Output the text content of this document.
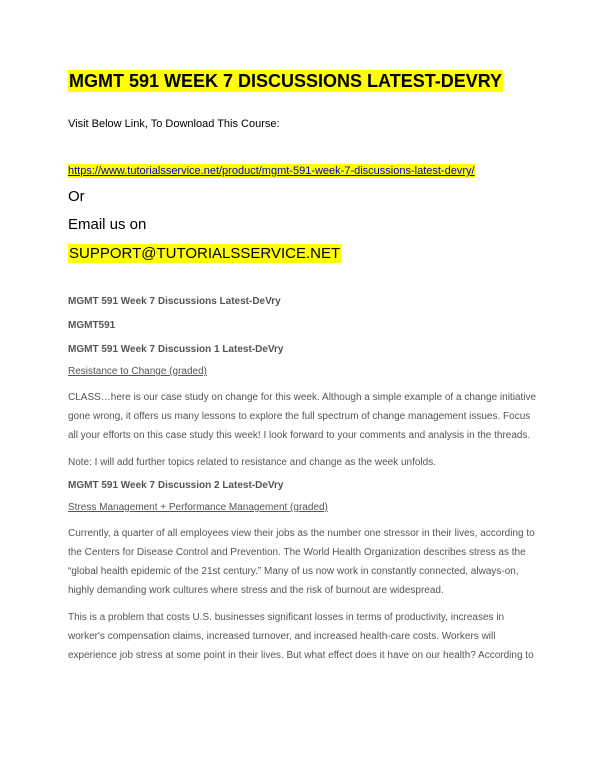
MGMT 591 WEEK 7 DISCUSSIONS LATEST-DEVRY
Visit Below Link, To Download This Course:
https://www.tutorialsservice.net/product/mgmt-591-week-7-discussions-latest-devry/
Or
Email us on
SUPPORT@TUTORIALSSERVICE.NET

MGMT 591 Week 7 Discussions Latest-DeVry

MGMT591

MGMT 591 Week 7 Discussion 1 Latest-DeVry

Resistance to Change (graded)

CLASS…here is our case study on change for this week. Although a simple example of a change initiative gone wrong, it offers us many lessons to explore the full spectrum of change management issues. Focus all your efforts on this case study this week! I look forward to your comments and analysis in the threads.

Note: I will add further topics related to resistance and change as the week unfolds.

MGMT 591 Week 7 Discussion 2 Latest-DeVry

Stress Management + Performance Management (graded)

Currently, a quarter of all employees view their jobs as the number one stressor in their lives, according to the Centers for Disease Control and Prevention. The World Health Organization describes stress as the “global health epidemic of the 21st century.” Many of us now work in constantly connected, always-on, highly demanding work cultures where stress and the risk of burnout are widespread.

This is a problem that costs U.S. businesses significant losses in terms of productivity, increases in worker's compensation claims, increased turnover, and increased health-care costs. Workers will experience job stress at some point in their lives. But what effect does it have on our health? According to
